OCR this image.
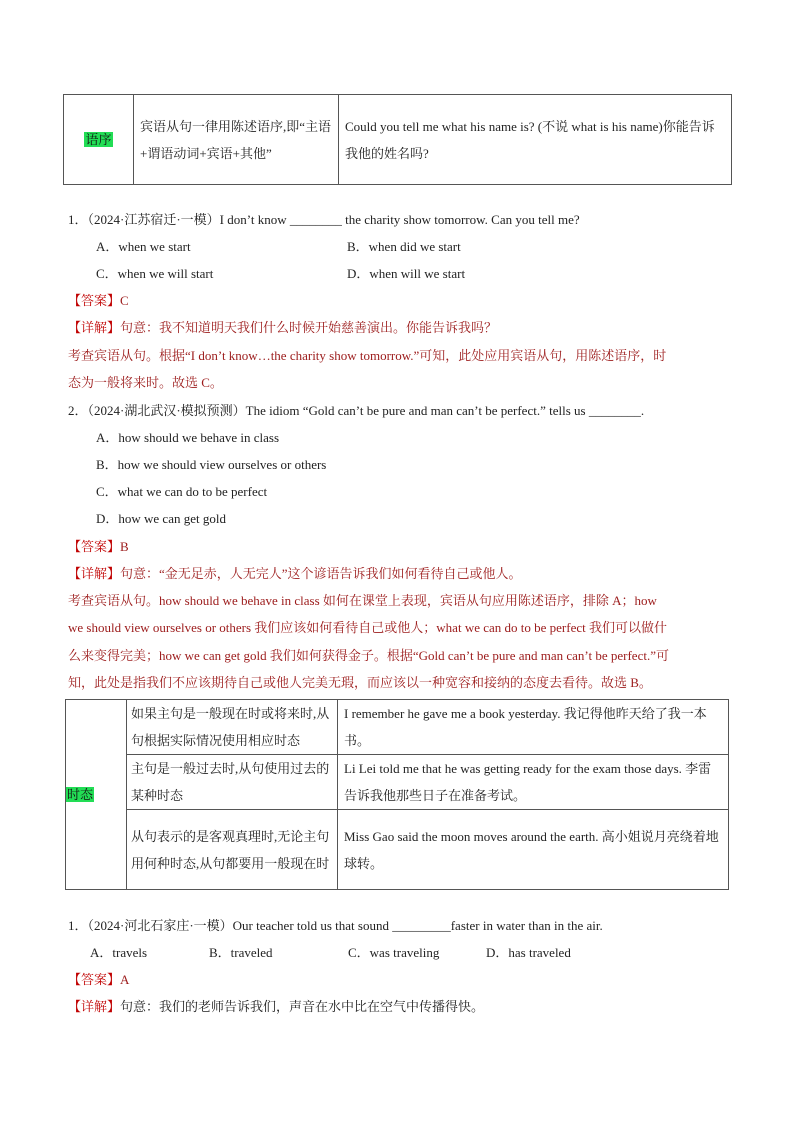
语序	宾语从句一律用陈述语序,即“主语+谓语动词+宾语+其他”	Could you tell me what his name is? (不说 what is his name)你能告诉我他的姓名吗?
1．（2024·江苏宿迁·一模）I don’t know ________ the charity show tomorrow. Can you tell me?
A．when we start	B．when did we start
C．when we will start	D．when will we start
【答案】C
【详解】句意：我不知道明天我们什么时候开始慈善演出。你能告诉我吗？
考查宾语从句。根据“I don’t know…the charity show tomorrow.”可知，此处应用宾语从句，用陈述语序，时
态为一般将来时。故选 C。
2．（2024·湖北武汉·模拟预测）The idiom “Gold can’t be pure and man can’t be perfect.” tells us ________.
A．how should we behave in class
B．how we should view ourselves or others
C．what we can do to be perfect
D．how we can get gold
【答案】B
【详解】句意：“金无足赤，人无完人”这个谚语告诉我们如何看待自己或他人。
考查宾语从句。how should we behave in class 如何在课堂上表现，宾语从句应用陈述语序，排除 A；how
we should view ourselves or others 我们应该如何看待自己或他人；what we can do to be perfect 我们可以做什
么来变得完美；how we can get gold 我们如何获得金子。根据“Gold can’t be pure and man can’t be perfect.”可
知，此处是指我们不应该期待自己或他人完美无瑕，而应该以一种宽容和接纳的态度去看待。故选 B。
时态	如果主句是一般现在时或将来时,从句根据实际情况使用相应时态	I remember he gave me a book yesterday. 我记得他昨天给了我一本书。
	主句是一般过去时,从句使用过去的某种时态	Li Lei told me that he was getting ready for the exam those days. 李雷告诉我他那些日子在准备考试。
	从句表示的是客观真理时,无论主句用何种时态,从句都要用一般现在时	Miss Gao said the moon moves around the earth. 高小姐说月亮绕着地球转。
1．（2024·河北石家庄·一模）Our teacher told us that sound _________faster in water than in the air.
A．travels	B．traveled	C．was traveling	D．has traveled
【答案】A
【详解】句意：我们的老师告诉我们，声音在水中比在空气中传播得快。
